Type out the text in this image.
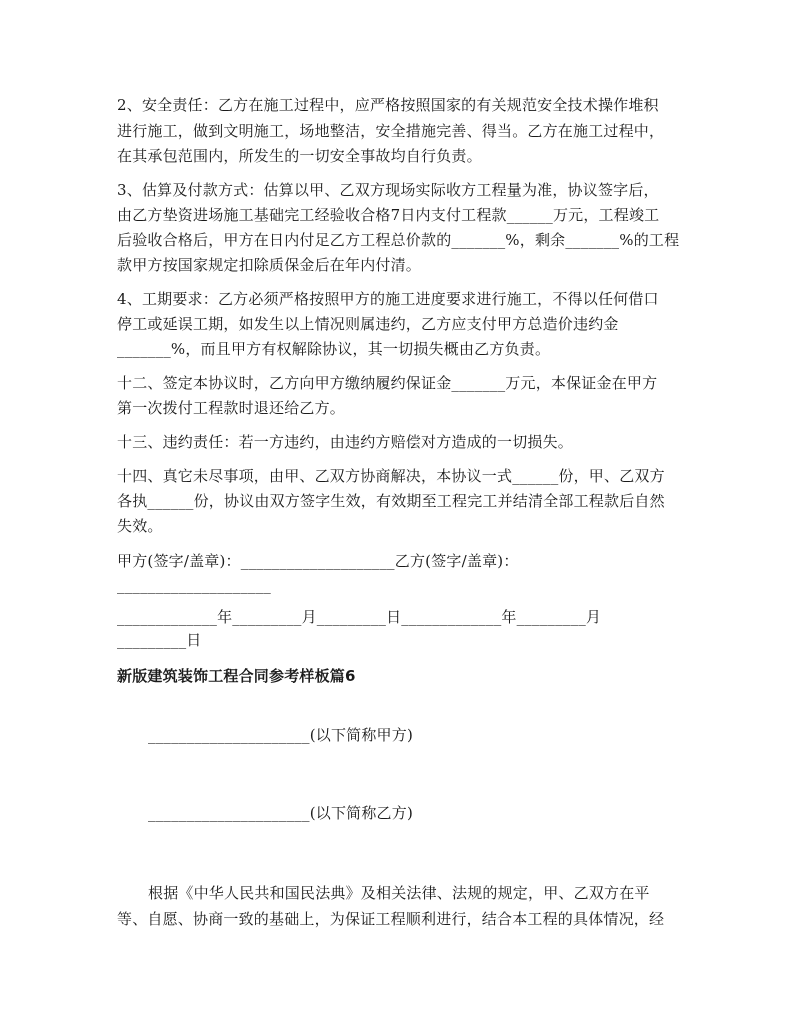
2、安全责任：乙方在施工过程中，应严格按照国家的有关规范安全技术操作堆积
进行施工，做到文明施工，场地整洁，安全措施完善、得当。乙方在施工过程中，
在其承包范围内，所发生的一切安全事故均自行负责。
3、估算及付款方式：估算以甲、乙双方现场实际收方工程量为准，协议签字后，
由乙方垫资进场施工基础完工经验收合格7日内支付工程款______万元，工程竣工
后验收合格后，甲方在日内付足乙方工程总价款的_______%，剩余_______%的工程
款甲方按国家规定扣除质保金后在年内付清。
4、工期要求：乙方必须严格按照甲方的施工进度要求进行施工，不得以任何借口
停工或延误工期，如发生以上情况则属违约，乙方应支付甲方总造价违约金
_______%，而且甲方有权解除协议，其一切损失概由乙方负责。
十二、签定本协议时，乙方向甲方缴纳履约保证金_______万元，本保证金在甲方
第一次拨付工程款时退还给乙方。
十三、违约责任：若一方违约，由违约方赔偿对方造成的一切损失。
十四、真它未尽事项，由甲、乙双方协商解决，本协议一式______份，甲、乙双方
各执______份，协议由双方签字生效，有效期至工程完工并结清全部工程款后自然
失效。
甲方(签字/盖章)：____________________乙方(签字/盖章)：
____________________
_____________年_________月_________日_____________年_________月
_________日
新版建筑装饰工程合同参考样板篇6
_____________________(以下简称甲方)
_____________________(以下简称乙方)
根据《中华人民共和国民法典》及相关法律、法规的规定，甲、乙双方在平
等、自愿、协商一致的基础上，为保证工程顺利进行，结合本工程的具体情况，经
